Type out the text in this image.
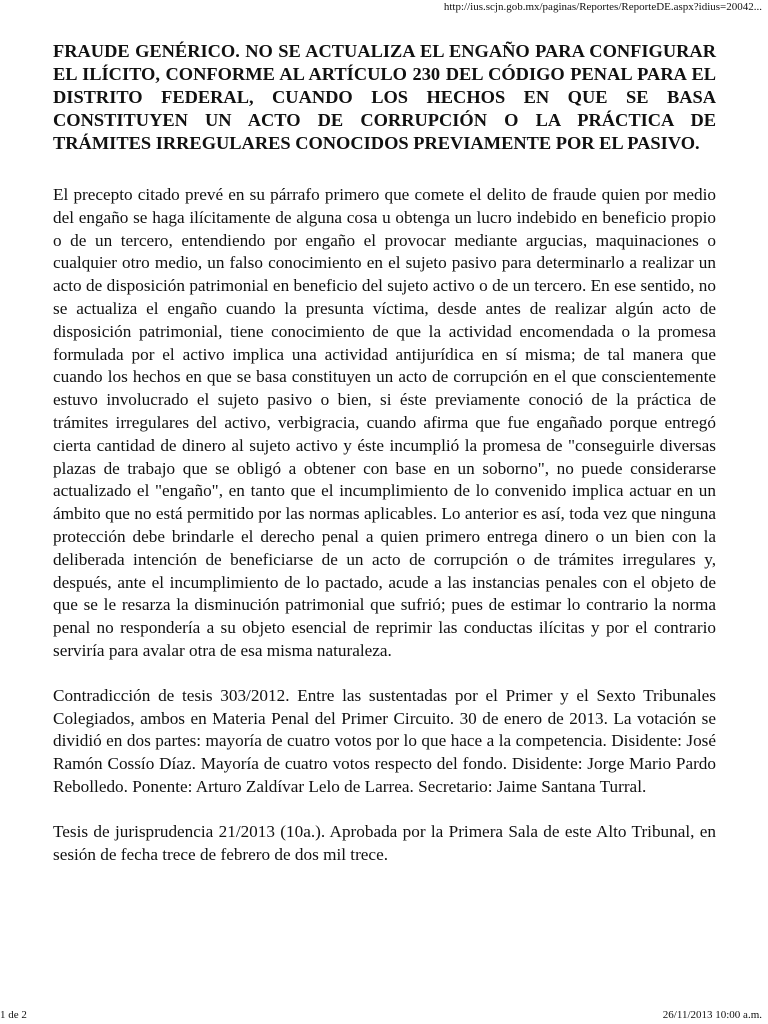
http://ius.scjn.gob.mx/paginas/Reportes/ReporteDE.aspx?idius=20042...

FRAUDE GENÉRICO. NO SE ACTUALIZA EL ENGAÑO PARA CONFIGURAR EL ILÍCITO, CONFORME AL ARTÍCULO 230 DEL CÓDIGO PENAL PARA EL DISTRITO FEDERAL, CUANDO LOS HECHOS EN QUE SE BASA CONSTITUYEN UN ACTO DE CORRUPCIÓN O LA PRÁCTICA DE TRÁMITES IRREGULARES CONOCIDOS PREVIAMENTE POR EL PASIVO.

El precepto citado prevé en su párrafo primero que comete el delito de fraude quien por medio del engaño se haga ilícitamente de alguna cosa u obtenga un lucro indebido en beneficio propio o de un tercero, entendiendo por engaño el provocar mediante argucias, maquinaciones o cualquier otro medio, un falso conocimiento en el sujeto pasivo para determinarlo a realizar un acto de disposición patrimonial en beneficio del sujeto activo o de un tercero. En ese sentido, no se actualiza el engaño cuando la presunta víctima, desde antes de realizar algún acto de disposición patrimonial, tiene conocimiento de que la actividad encomendada o la promesa formulada por el activo implica una actividad antijurídica en sí misma; de tal manera que cuando los hechos en que se basa constituyen un acto de corrupción en el que conscientemente estuvo involucrado el sujeto pasivo o bien, si éste previamente conoció de la práctica de trámites irregulares del activo, verbigracia, cuando afirma que fue engañado porque entregó cierta cantidad de dinero al sujeto activo y éste incumplió la promesa de "conseguirle diversas plazas de trabajo que se obligó a obtener con base en un soborno", no puede considerarse actualizado el "engaño", en tanto que el incumplimiento de lo convenido implica actuar en un ámbito que no está permitido por las normas aplicables. Lo anterior es así, toda vez que ninguna protección debe brindarle el derecho penal a quien primero entrega dinero o un bien con la deliberada intención de beneficiarse de un acto de corrupción o de trámites irregulares y, después, ante el incumplimiento de lo pactado, acude a las instancias penales con el objeto de que se le resarza la disminución patrimonial que sufrió; pues de estimar lo contrario la norma penal no respondería a su objeto esencial de reprimir las conductas ilícitas y por el contrario serviría para avalar otra de esa misma naturaleza.

Contradicción de tesis 303/2012. Entre las sustentadas por el Primer y el Sexto Tribunales Colegiados, ambos en Materia Penal del Primer Circuito. 30 de enero de 2013. La votación se dividió en dos partes: mayoría de cuatro votos por lo que hace a la competencia. Disidente: José Ramón Cossío Díaz. Mayoría de cuatro votos respecto del fondo. Disidente: Jorge Mario Pardo Rebolledo. Ponente: Arturo Zaldívar Lelo de Larrea. Secretario: Jaime Santana Turral.

Tesis de jurisprudencia 21/2013 (10a.). Aprobada por la Primera Sala de este Alto Tribunal, en sesión de fecha trece de febrero de dos mil trece.

1 de 2	26/11/2013 10:00 a.m.
